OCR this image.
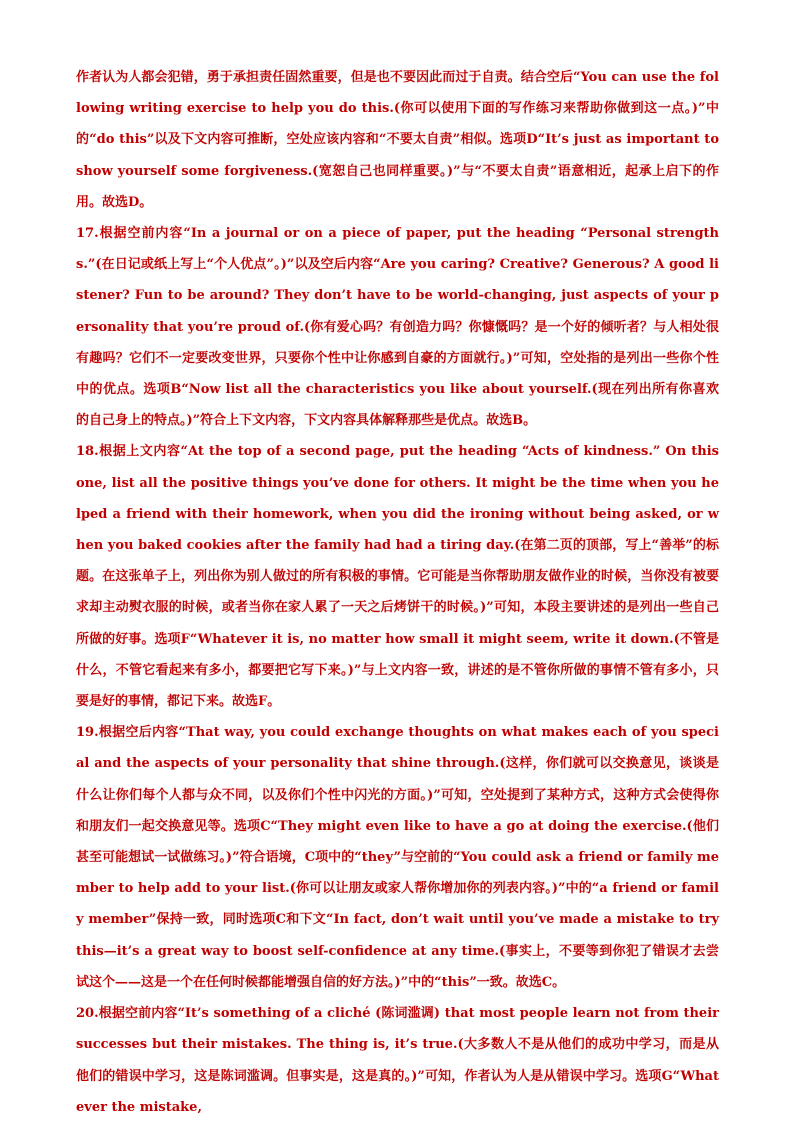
作者认为人都会犯错，勇于承担责任固然重要，但是也不要因此而过于自责。结合空后“You can use the following writing exercise to help you do this.(你可以使用下面的写作练习来帮助你做到这一点。)”中的“do this”以及下文内容可推断，空处应该内容和“不要太自责”相似。选项D“It’s just as important to show yourself some forgiveness.(宽恕自己也同样重要。)”与“不要太自责”语意相近，起承上启下的作用。故选D。

17.根据空前内容“In a journal or on a piece of paper, put the heading “Personal strengths.”(在日记或纸上写上“个人优点”。)”以及空后内容“Are you caring? Creative? Generous? A good listener? Fun to be around? They don’t have to be world-changing, just aspects of your personality that you’re proud of.(你有爱心吗？有创造力吗？你慷慨吗？是一个好的倾听者？与人相处很有趣吗？它们不一定要改变世界，只要你个性中让你感到自豪的方面就行。)”可知，空处指的是列出一些你个性中的优点。选项B“Now list all the characteristics you like about yourself.(现在列出所有你喜欢的自己身上的特点。)”符合上下文内容，下文内容具体解释那些是优点。故选B。

18.根据上文内容“At the top of a second page, put the heading “Acts of kindness.” On this one, list all the positive things you’ve done for others. It might be the time when you helped a friend with their homework, when you did the ironing without being asked, or when you baked cookies after the family had had a tiring day.(在第二页的顶部，写上“善举”的标题。在这张单子上，列出你为别人做过的所有积极的事情。它可能是当你帮助朋友做作业的时候，当你没有被要求却主动熨衣服的时候，或者当你在家人累了一天之后烤饼干的时候。)”可知，本段主要讲述的是列出一些自己所做的好事。选项F“Whatever it is, no matter how small it might seem, write it down.(不管是什么，不管它看起来有多小，都要把它写下来。)”与上文内容一致，讲述的是不管你所做的事情不管有多小，只要是好的事情，都记下来。故选F。

19.根据空后内容“That way, you could exchange thoughts on what makes each of you special and the aspects of your personality that shine through.(这样，你们就可以交换意见，谈谈是什么让你们每个人都与众不同，以及你们个性中闪光的方面。)”可知，空处提到了某种方式，这种方式会使得你和朋友们一起交换意见等。选项C“They might even like to have a go at doing the exercise.(他们甚至可能想试一试做练习。)”符合语境，C项中的“they”与空前的“You could ask a friend or family member to help add to your list.(你可以让朋友或家人帮你增加你的列表内容。)”中的“a friend or family member”保持一致，同时选项C和下文“In fact, don’t wait until you’ve made a mistake to try this—it’s a great way to boost self-confidence at any time.(事实上，不要等到你犯了错误才去尝试这个——这是一个在任何时候都能增强自信的好方法。)”中的“this”一致。故选C。

20.根据空前内容“It’s something of a cliché (陈词滥调) that most people learn not from their successes but their mistakes. The thing is, it’s true.(大多数人不是从他们的成功中学习，而是从他们的错误中学习，这是陈词滥调。但事实是，这是真的。)”可知，作者认为人是从错误中学习。选项G“Whatever the mistake,
